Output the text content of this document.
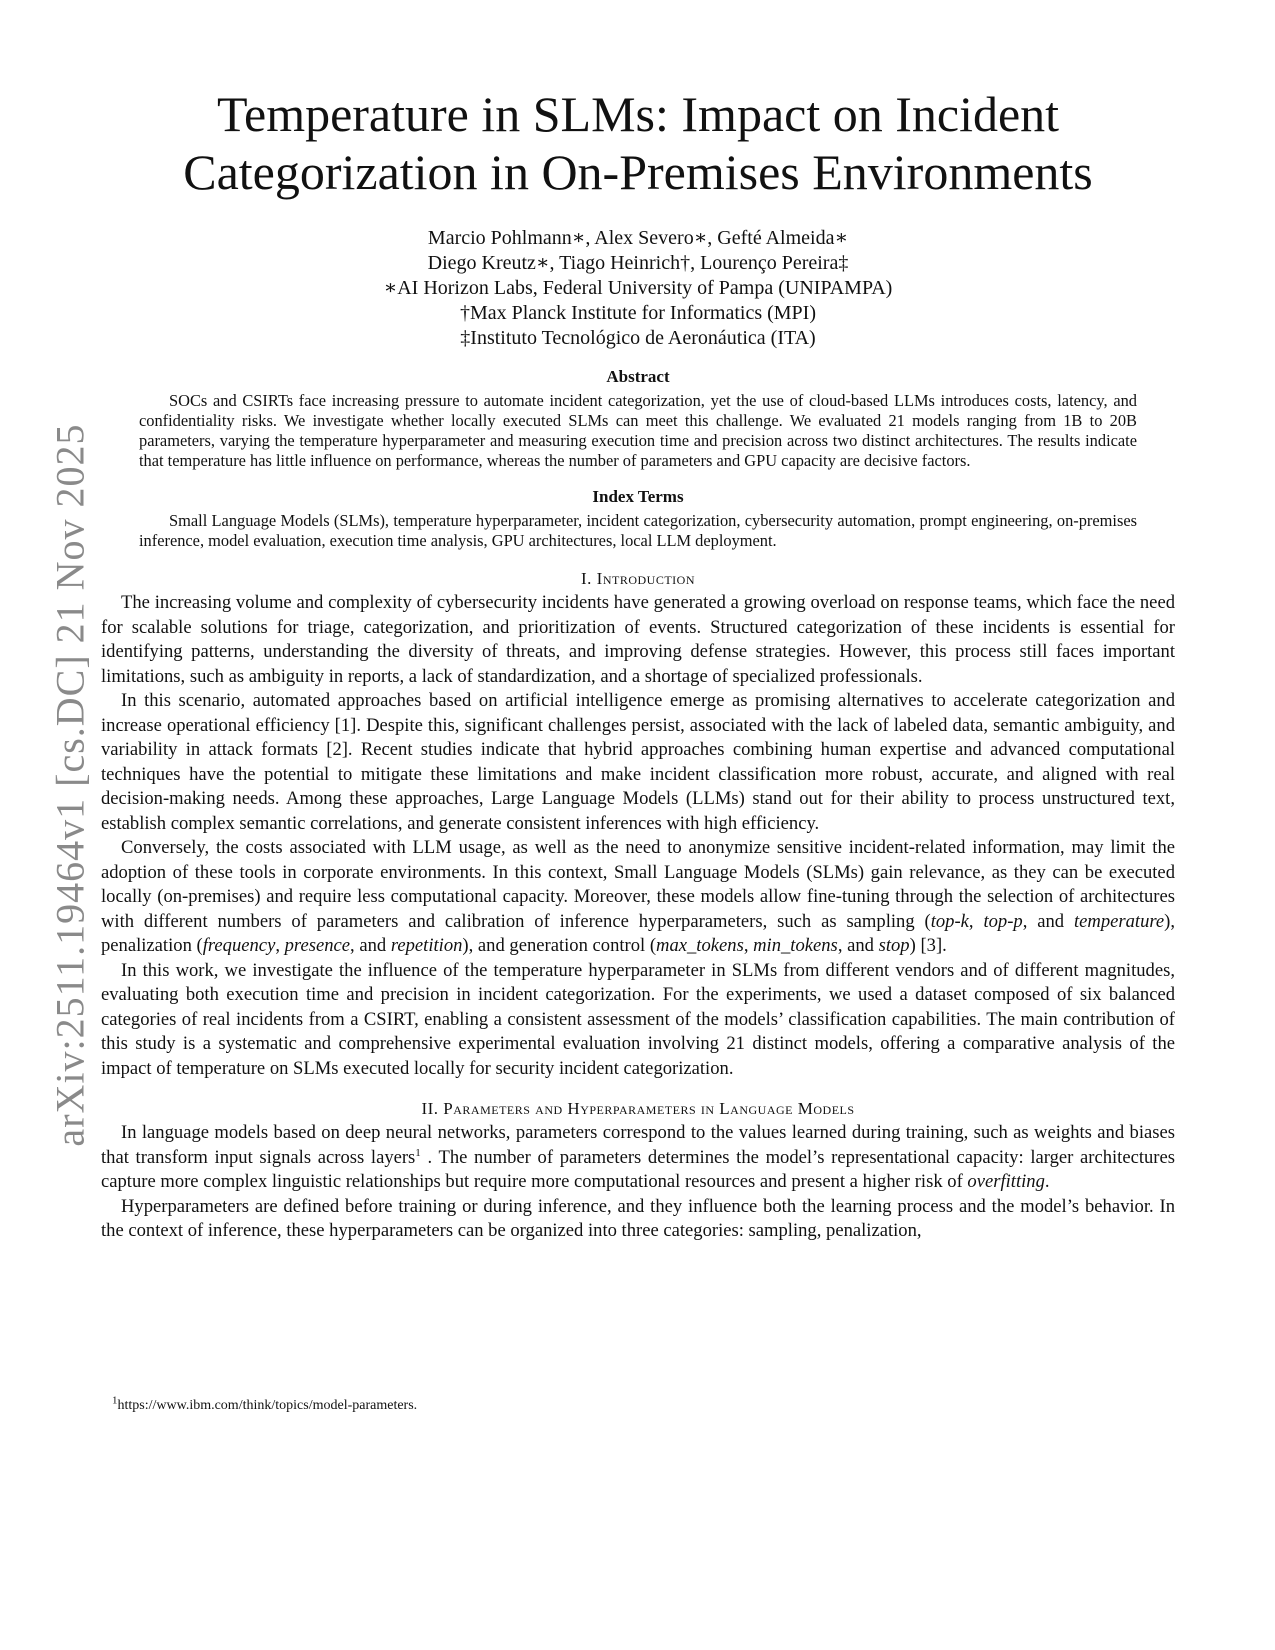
arXiv:2511.19464v1 [cs.DC] 21 Nov 2025
Temperature in SLMs: Impact on Incident
Categorization in On-Premises Environments
Marcio Pohlmann∗, Alex Severo∗, Gefté Almeida∗
Diego Kreutz∗, Tiago Heinrich†, Lourenço Pereira‡
∗AI Horizon Labs, Federal University of Pampa (UNIPAMPA)
†Max Planck Institute for Informatics (MPI)
‡Instituto Tecnológico de Aeronáutica (ITA)
Abstract
SOCs and CSIRTs face increasing pressure to automate incident categorization, yet the use of cloud-based LLMs introduces costs, latency, and confidentiality risks. We investigate whether locally executed SLMs can meet this challenge. We evaluated 21 models ranging from 1B to 20B parameters, varying the temperature hyperparameter and measuring execution time and precision across two distinct architectures. The results indicate that temperature has little influence on performance, whereas the number of parameters and GPU capacity are decisive factors.
Index Terms
Small Language Models (SLMs), temperature hyperparameter, incident categorization, cybersecurity automation, prompt engineering, on-premises inference, model evaluation, execution time analysis, GPU architectures, local LLM deployment.
I. Introduction

The increasing volume and complexity of cybersecurity incidents have generated a growing overload on response teams, which face the need for scalable solutions for triage, categorization, and prioritization of events. Structured categorization of these incidents is essential for identifying patterns, understanding the diversity of threats, and improving defense strategies. However, this process still faces important limitations, such as ambiguity in reports, a lack of standardization, and a shortage of specialized professionals.

In this scenario, automated approaches based on artificial intelligence emerge as promising alternatives to accelerate categorization and increase operational efficiency [1]. Despite this, significant challenges persist, associated with the lack of labeled data, semantic ambiguity, and variability in attack formats [2]. Recent studies indicate that hybrid approaches combining human expertise and advanced computational techniques have the potential to mitigate these limitations and make incident classification more robust, accurate, and aligned with real decision-making needs. Among these approaches, Large Language Models (LLMs) stand out for their ability to process unstructured text, establish complex semantic correlations, and generate consistent inferences with high efficiency.

Conversely, the costs associated with LLM usage, as well as the need to anonymize sensitive incident-related information, may limit the adoption of these tools in corporate environments. In this context, Small Language Models (SLMs) gain relevance, as they can be executed locally (on-premises) and require less computational capacity. Moreover, these models allow fine-tuning through the selection of architectures with different numbers of parameters and calibration of inference hyperparameters, such as sampling (top-k, top-p, and temperature), penalization (frequency, presence, and repetition), and generation control (max_tokens, min_tokens, and stop) [3].

In this work, we investigate the influence of the temperature hyperparameter in SLMs from different vendors and of different magnitudes, evaluating both execution time and precision in incident categorization. For the experiments, we used a dataset composed of six balanced categories of real incidents from a CSIRT, enabling a consistent assessment of the models’ classification capabilities. The main contribution of this study is a systematic and comprehensive experimental evaluation involving 21 distinct models, offering a comparative analysis of the impact of temperature on SLMs executed locally for security incident categorization.

II. Parameters and Hyperparameters in Language Models

In language models based on deep neural networks, parameters correspond to the values learned during training, such as weights and biases that transform input signals across layers$^1$ . The number of parameters determines the model’s representational capacity: larger architectures capture more complex linguistic relationships but require more computational resources and present a higher risk of overfitting.

Hyperparameters are defined before training or during inference, and they influence both the learning process and the model’s behavior. In the context of inference, these hyperparameters can be organized into three categories: sampling, penalization,

$^1$https://www.ibm.com/think/topics/model-parameters.
